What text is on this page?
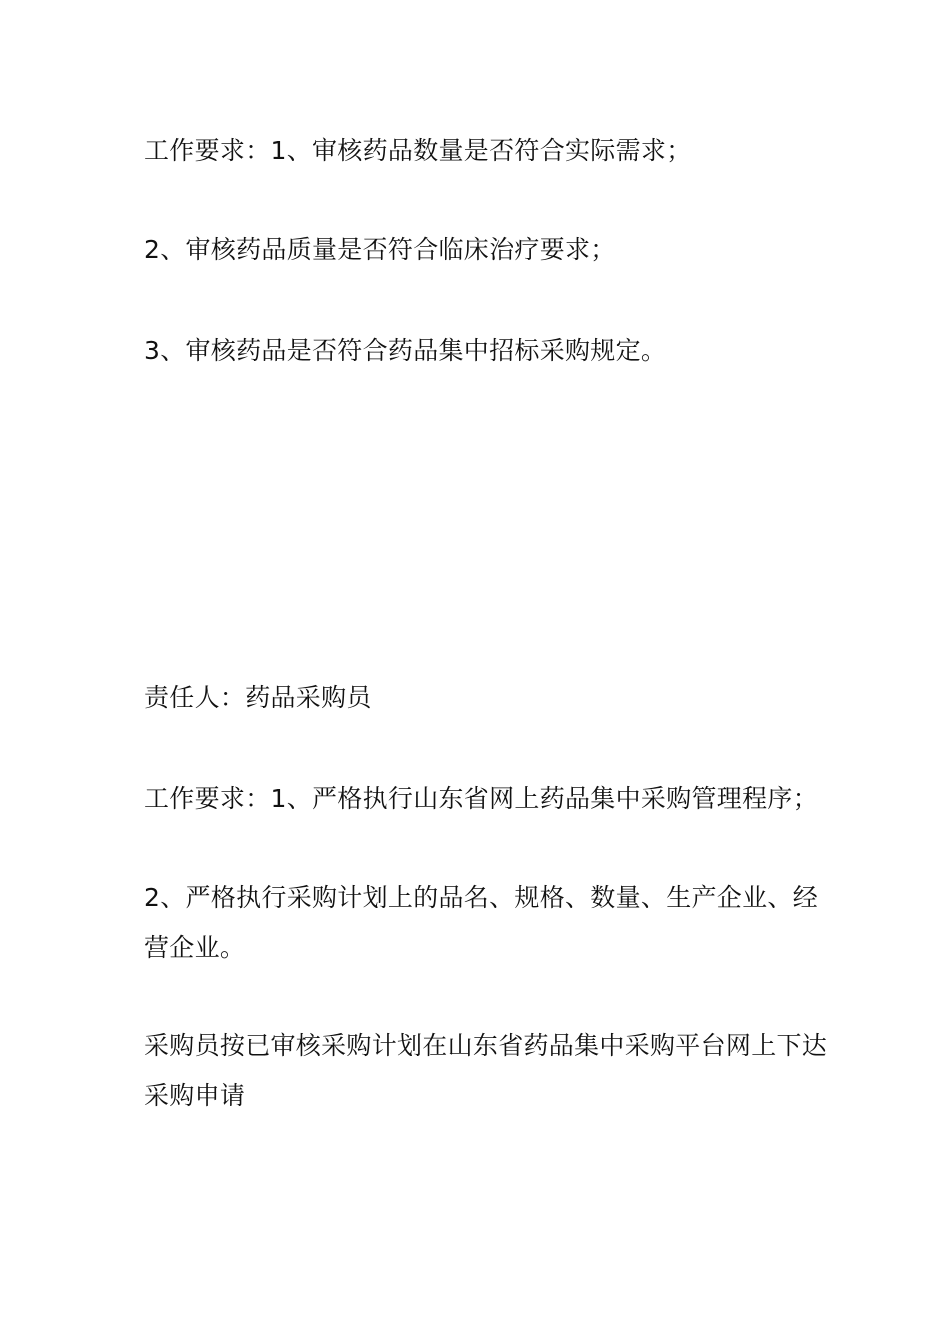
工作要求：1、审核药品数量是否符合实际需求；

2、审核药品质量是否符合临床治疗要求；

3、审核药品是否符合药品集中招标采购规定。

责任人：药品采购员

工作要求：1、严格执行山东省网上药品集中采购管理程序；

2、严格执行采购计划上的品名、规格、数量、生产企业、经营企业。

采购员按已审核采购计划在山东省药品集中采购平台网上下达采购申请
